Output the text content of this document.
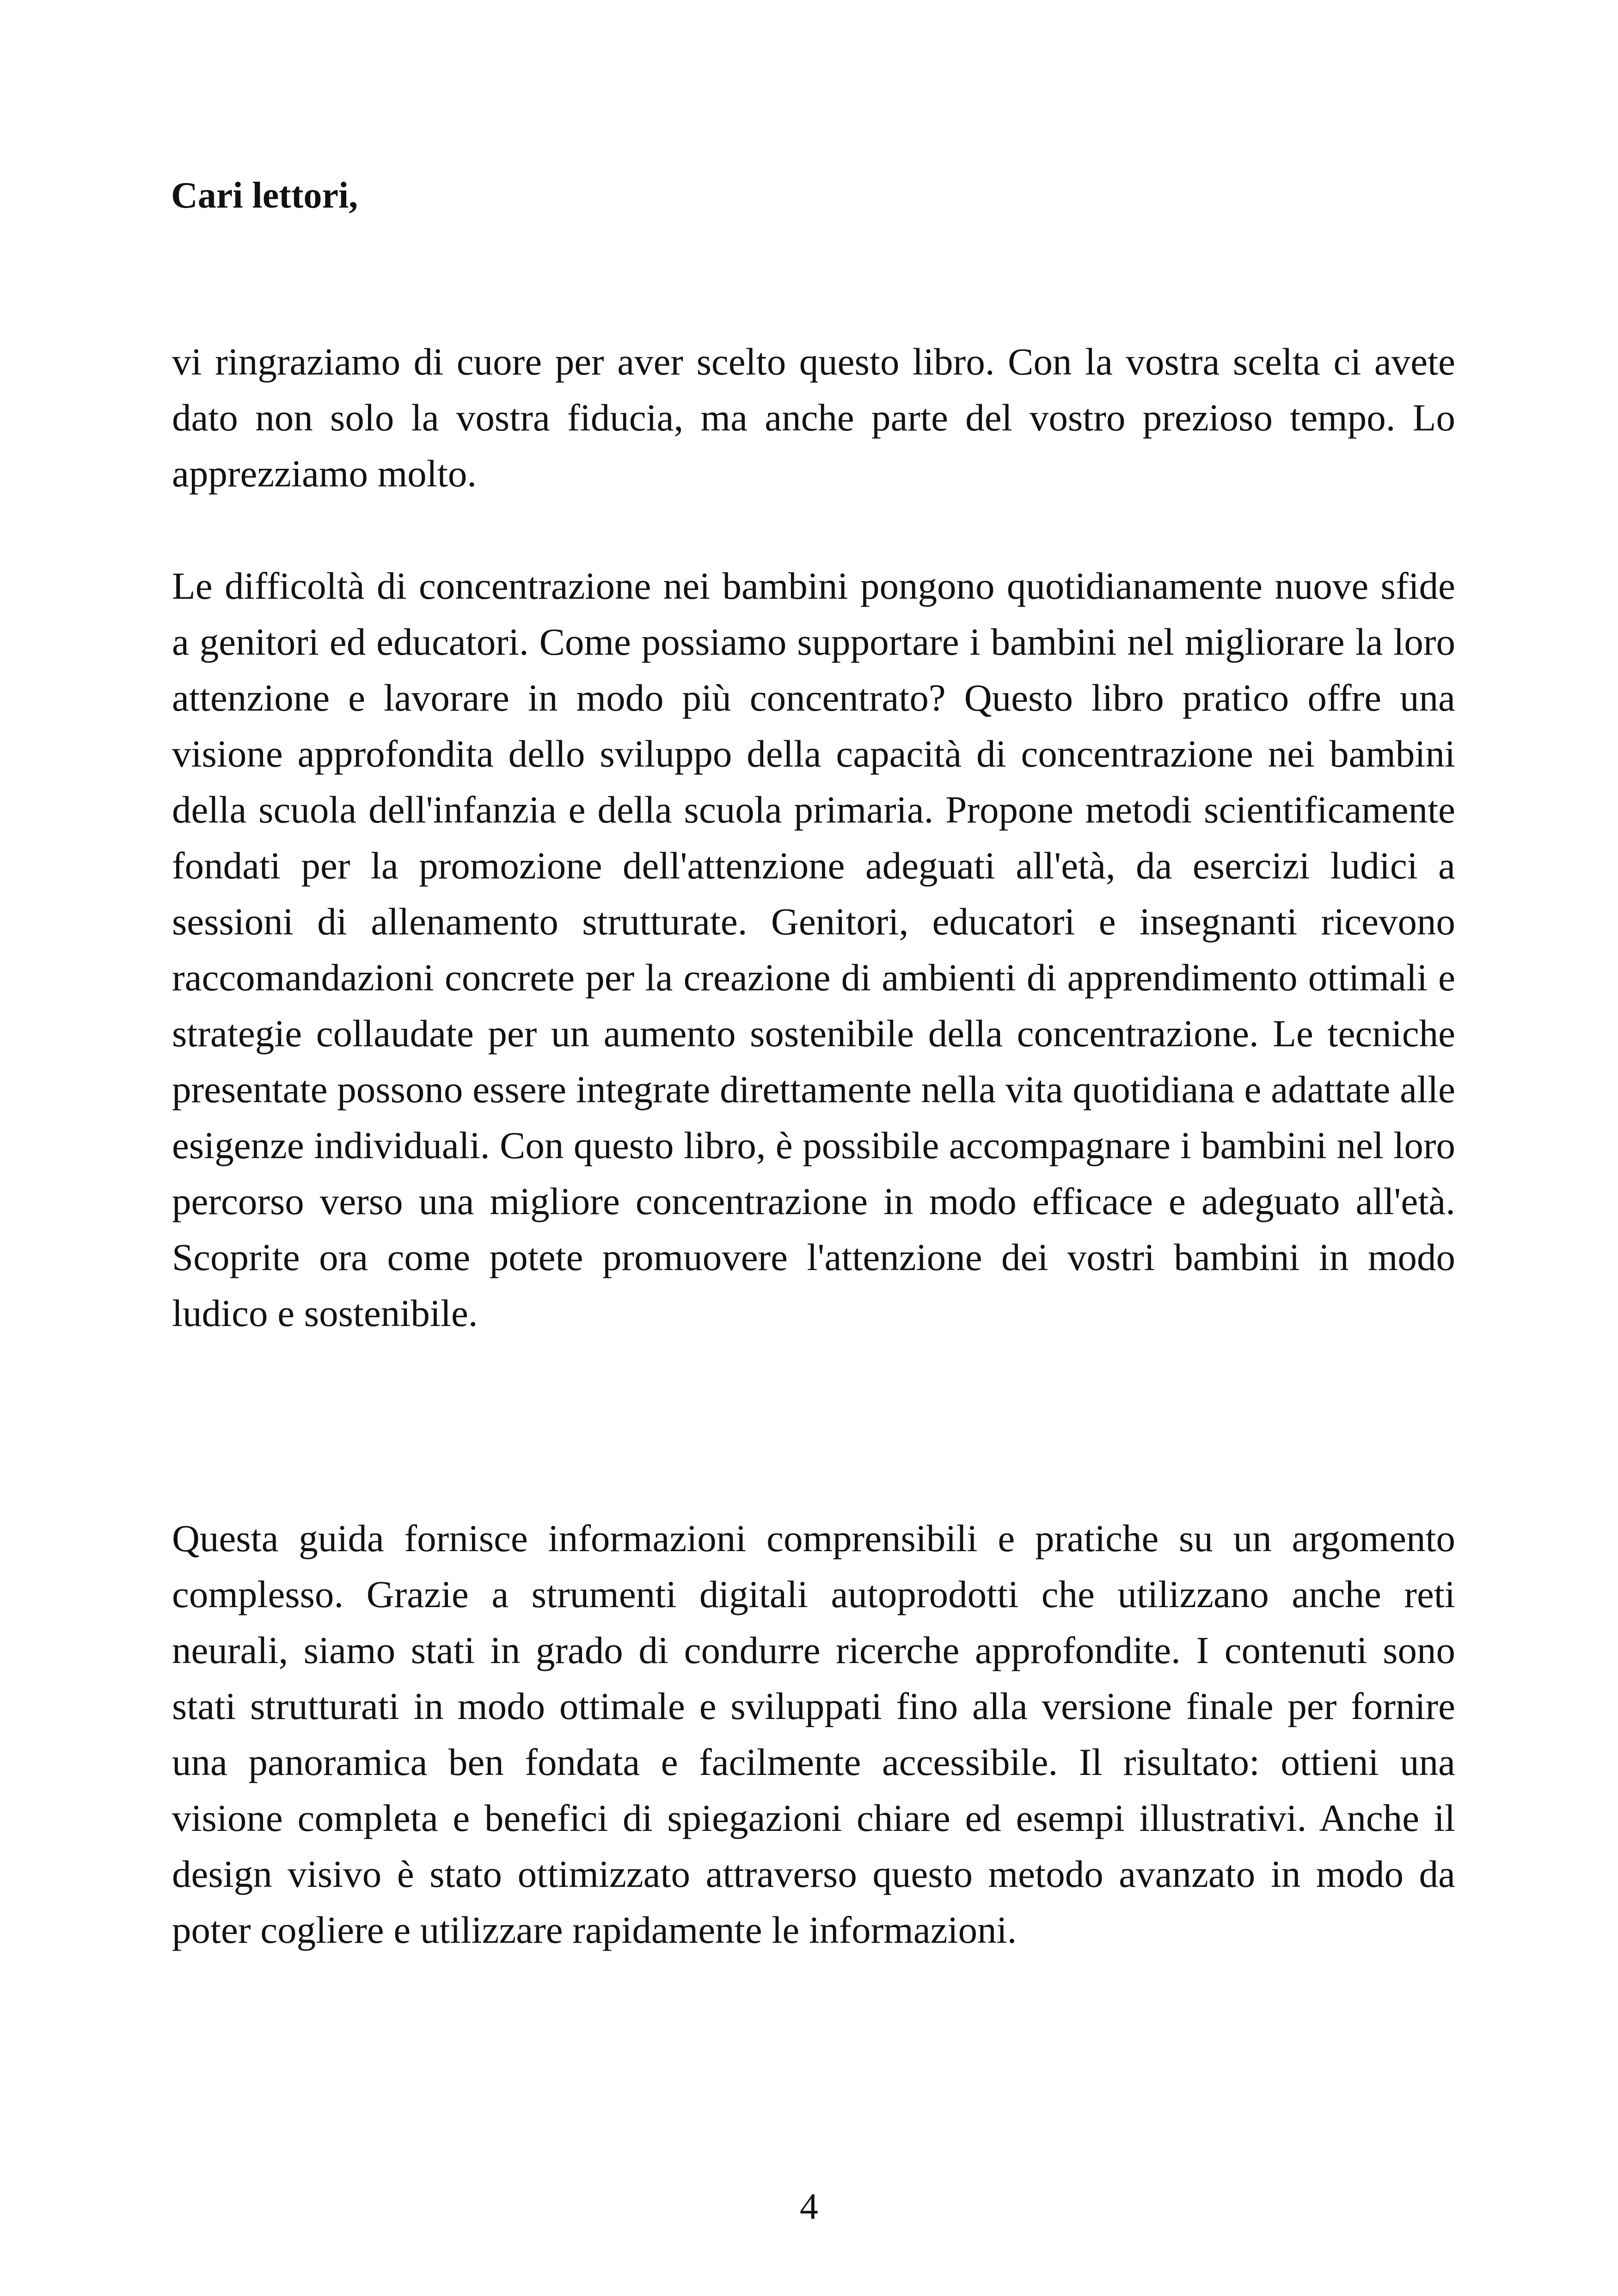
Cari lettori,

vi ringraziamo di cuore per aver scelto questo libro. Con la vostra scelta ci avete dato non solo la vostra fiducia, ma anche parte del vostro prezioso tempo. Lo apprezziamo molto.

Le difficoltà di concentrazione nei bambini pongono quotidianamente nuove sfide a genitori ed educatori. Come possiamo supportare i bambini nel migliorare la loro attenzione e lavorare in modo più concentrato? Questo libro pratico offre una visione approfondita dello sviluppo della capacità di concentrazione nei bambini della scuola dell'infanzia e della scuola primaria. Propone metodi scientificamente fondati per la promozione dell'attenzione adeguati all'età, da esercizi ludici a sessioni di allenamento strutturate. Genitori, educatori e insegnanti ricevono raccomandazioni concrete per la creazione di ambienti di apprendimento ottimali e strategie collaudate per un aumento sostenibile della concentrazione. Le tecniche presentate possono essere integrate direttamente nella vita quotidiana e adattate alle esigenze individuali. Con questo libro, è possibile accompagnare i bambini nel loro percorso verso una migliore concentrazione in modo efficace e adeguato all'età. Scoprite ora come potete promuovere l'attenzione dei vostri bambini in modo ludico e sostenibile.

Questa guida fornisce informazioni comprensibili e pratiche su un argomento complesso. Grazie a strumenti digitali autoprodotti che utilizzano anche reti neurali, siamo stati in grado di condurre ricerche approfondite. I contenuti sono stati strutturati in modo ottimale e sviluppati fino alla versione finale per fornire una panoramica ben fondata e facilmente accessibile. Il risultato: ottieni una visione completa e benefici di spiegazioni chiare ed esempi illustrativi. Anche il design visivo è stato ottimizzato attraverso questo metodo avanzato in modo da poter cogliere e utilizzare rapidamente le informazioni.

4
